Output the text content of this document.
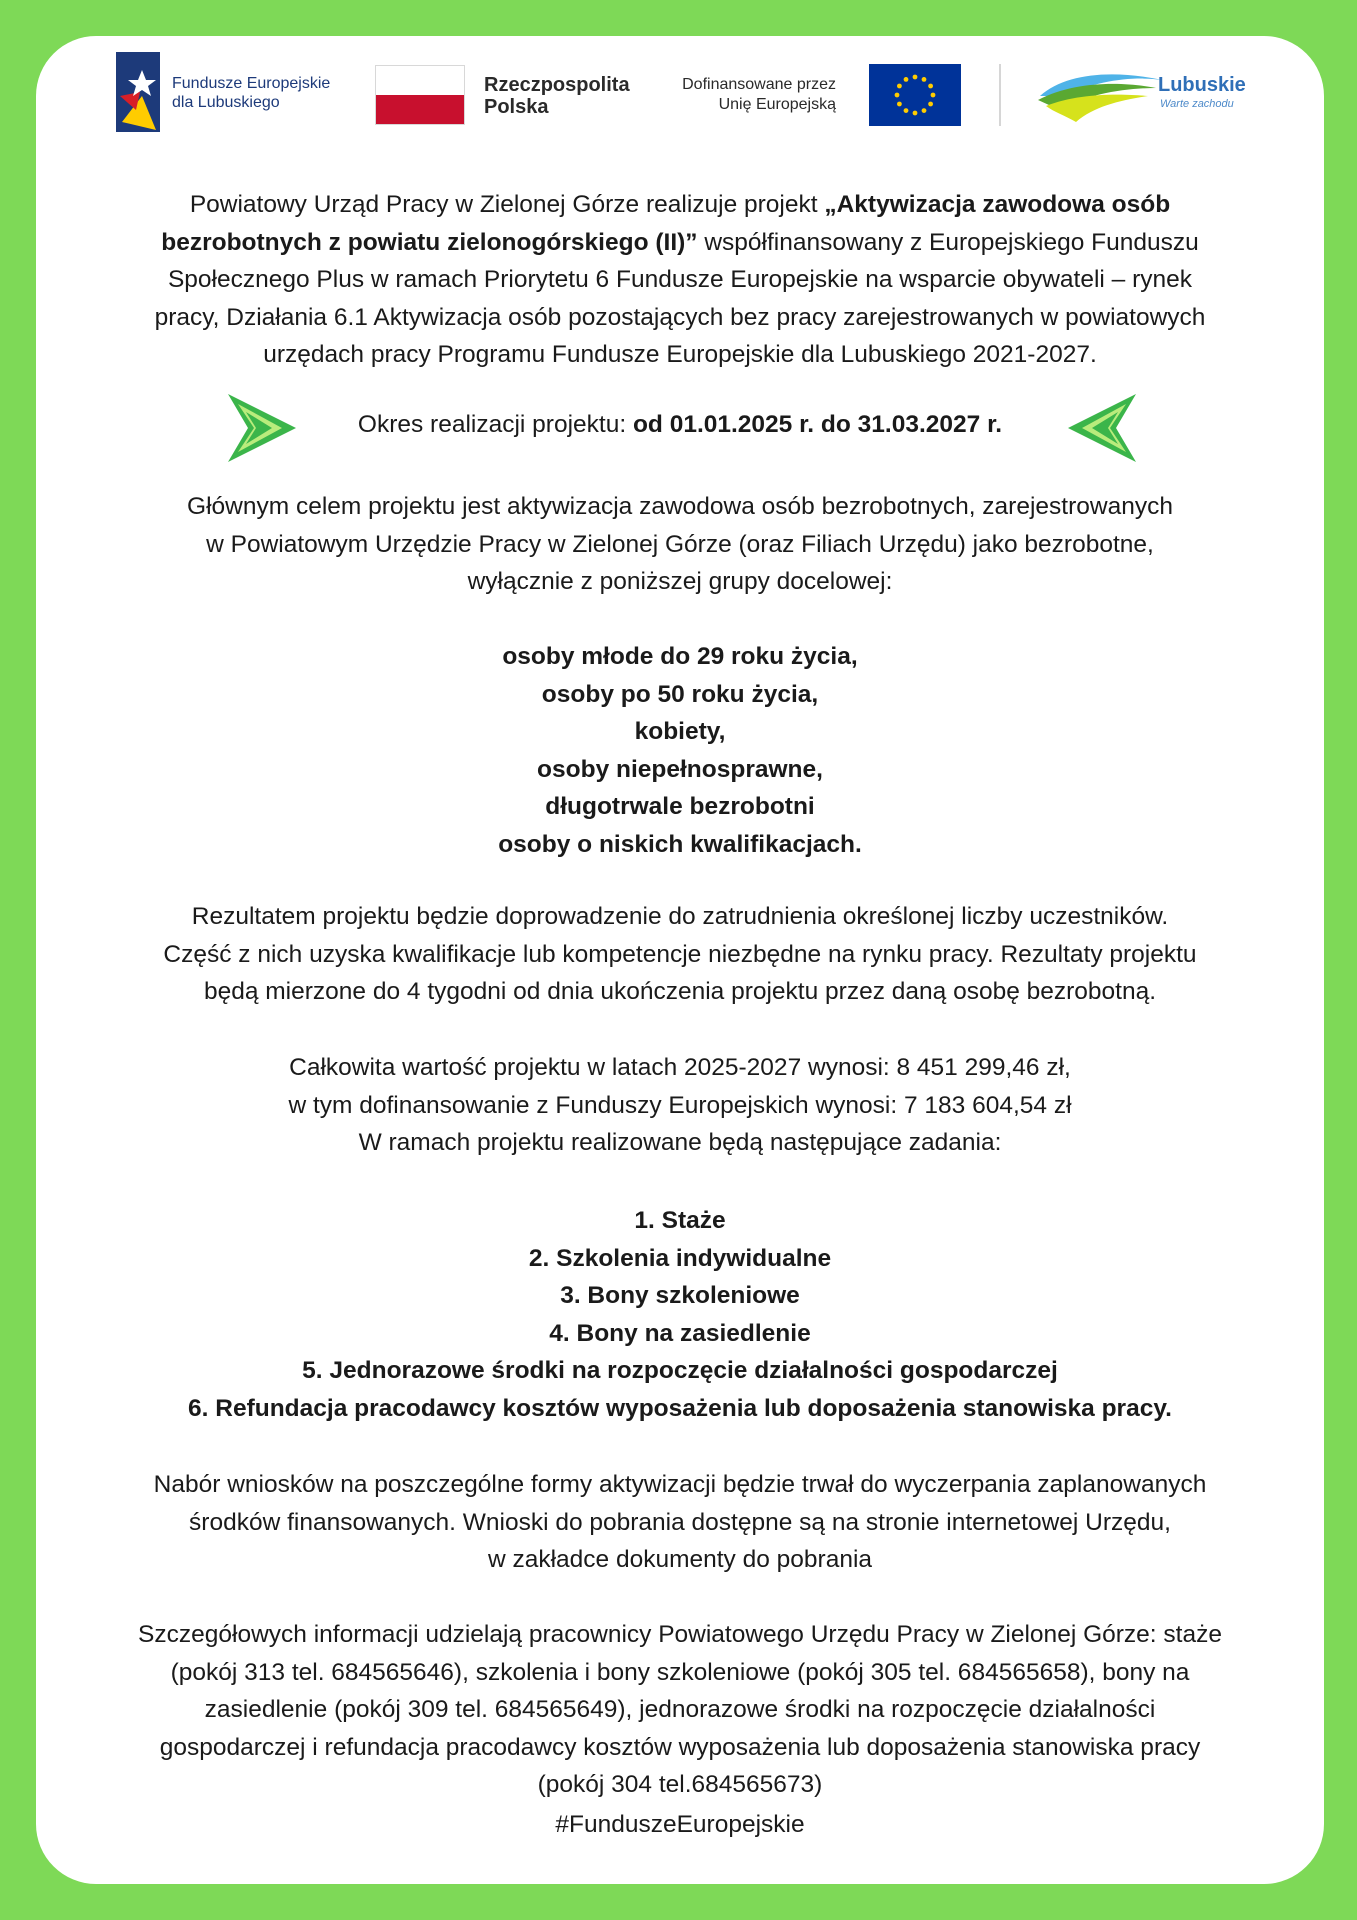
Fundusze Europejskie
dla Lubuskiego
Rzeczpospolita
Polska
Dofinansowane przez
Unię Europejską
Lubuskie
Warte zachodu
Powiatowy Urząd Pracy w Zielonej Górze realizuje projekt „Aktywizacja zawodowa osób
bezrobotnych z powiatu zielonogórskiego (II)” współfinansowany z Europejskiego Funduszu
Społecznego Plus w ramach Priorytetu 6 Fundusze Europejskie na wsparcie obywateli – rynek
pracy, Działania 6.1 Aktywizacja osób pozostających bez pracy zarejestrowanych w powiatowych
urzędach pracy Programu Fundusze Europejskie dla Lubuskiego 2021-2027.
Okres realizacji projektu: od 01.01.2025 r. do 31.03.2027 r.
Głównym celem projektu jest aktywizacja zawodowa osób bezrobotnych, zarejestrowanych
w Powiatowym Urzędzie Pracy w Zielonej Górze (oraz Filiach Urzędu) jako bezrobotne,
wyłącznie z poniższej grupy docelowej:
osoby młode do 29 roku życia,
osoby po 50 roku życia,
kobiety,
osoby niepełnosprawne,
długotrwale bezrobotni
osoby o niskich kwalifikacjach.
Rezultatem projektu będzie doprowadzenie do zatrudnienia określonej liczby uczestników.
Część z nich uzyska kwalifikacje lub kompetencje niezbędne na rynku pracy. Rezultaty projektu
będą mierzone do 4 tygodni od dnia ukończenia projektu przez daną osobę bezrobotną.
Całkowita wartość projektu w latach 2025-2027 wynosi: 8 451 299,46 zł,
w tym dofinansowanie z Funduszy Europejskich wynosi: 7 183 604,54 zł
W ramach projektu realizowane będą następujące zadania:
1. Staże
2. Szkolenia indywidualne
3. Bony szkoleniowe
4. Bony na zasiedlenie
5. Jednorazowe środki na rozpoczęcie działalności gospodarczej
6. Refundacja pracodawcy kosztów wyposażenia lub doposażenia stanowiska pracy.
Nabór wniosków na poszczególne formy aktywizacji będzie trwał do wyczerpania zaplanowanych
środków finansowanych. Wnioski do pobrania dostępne są na stronie internetowej Urzędu,
w zakładce dokumenty do pobrania
Szczegółowych informacji udzielają pracownicy Powiatowego Urzędu Pracy w Zielonej Górze: staże
(pokój 313 tel. 684565646), szkolenia i bony szkoleniowe (pokój 305 tel. 684565658), bony na
zasiedlenie (pokój 309 tel. 684565649), jednorazowe środki na rozpoczęcie działalności
gospodarczej i refundacja pracodawcy kosztów wyposażenia lub doposażenia stanowiska pracy
(pokój 304 tel.684565673)
#FunduszeEuropejskie
